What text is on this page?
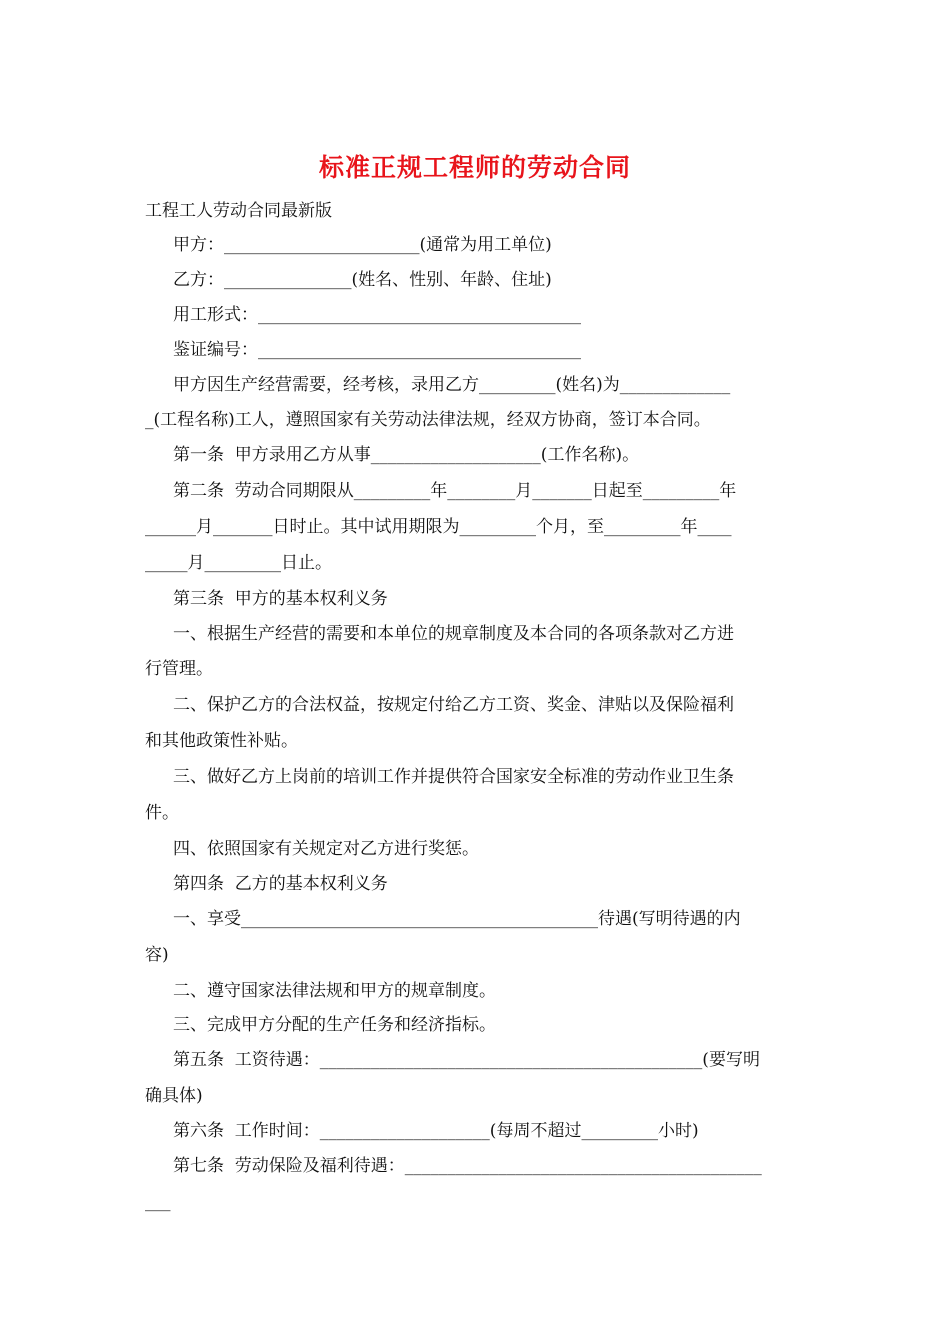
标准正规工程师的劳动合同

工程工人劳动合同最新版

甲方：_______________________(通常为用工单位)

乙方：_______________(姓名、性别、年龄、住址)

用工形式：______________________________________

鉴证编号：______________________________________

甲方因生产经营需要，经考核，录用乙方_________(姓名)为_____________

_(工程名称)工人，遵照国家有关劳动法律法规，经双方协商，签订本合同。

第一条  甲方录用乙方从事____________________(工作名称)。

第二条  劳动合同期限从_________年________月_______日起至_________年

______月_______日时止。其中试用期限为_________个月，至_________年____

_____月_________日止。

第三条  甲方的基本权利义务

一、根据生产经营的需要和本单位的规章制度及本合同的各项条款对乙方进

行管理。

二、保护乙方的合法权益，按规定付给乙方工资、奖金、津贴以及保险福利

和其他政策性补贴。

三、做好乙方上岗前的培训工作并提供符合国家安全标准的劳动作业卫生条

件。

四、依照国家有关规定对乙方进行奖惩。

第四条  乙方的基本权利义务

一、享受__________________________________________待遇(写明待遇的内

容)

二、遵守国家法律法规和甲方的规章制度。

三、完成甲方分配的生产任务和经济指标。

第五条  工资待遇：_____________________________________________(要写明

确具体)

第六条  工作时间：____________________(每周不超过_________小时)

第七条  劳动保险及福利待遇：__________________________________________

___
